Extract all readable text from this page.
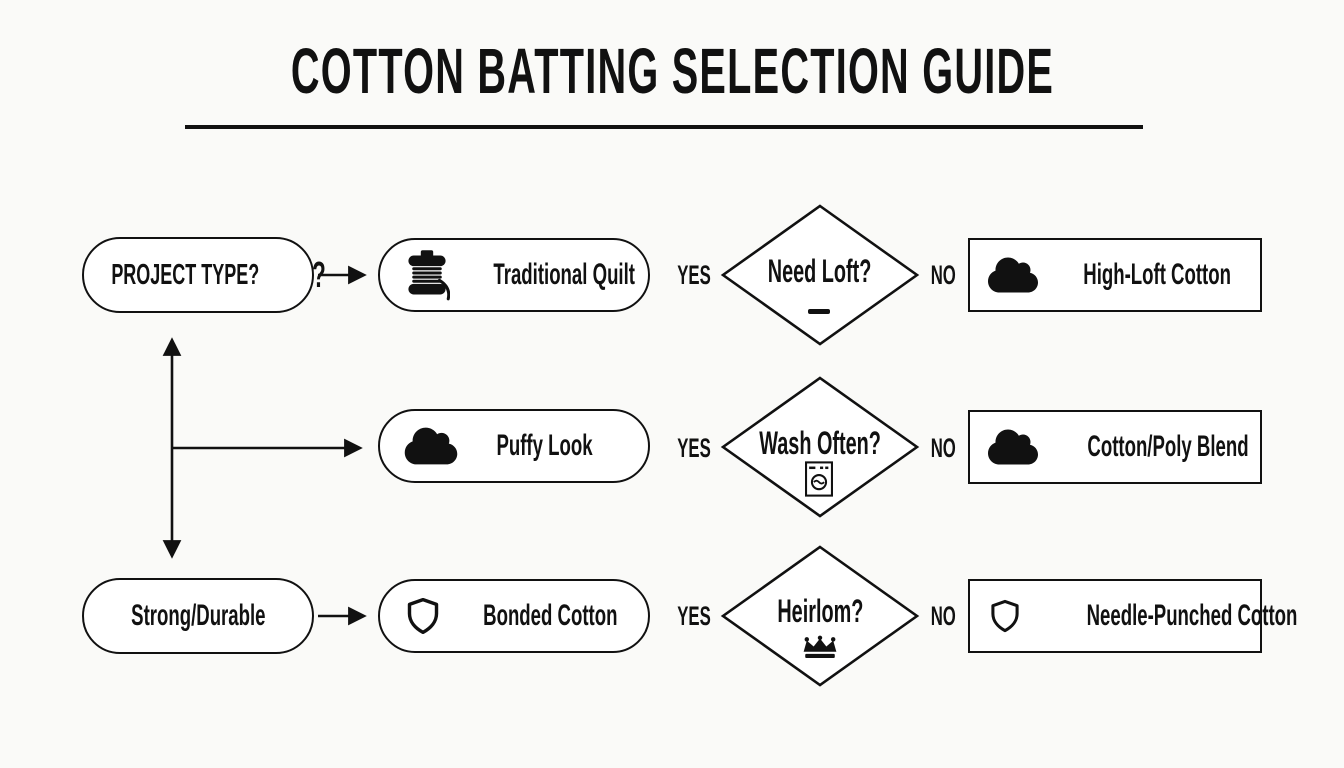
COTTON BATTING SELECTION GUIDE
PROJECT TYPE? ?	Traditional Quilt	YES	Need Loft?	NO	High-Loft Cotton
Puffy Look	YES	Wash Often?	NO	Cotton/Poly Blend
Strong/Durable	Bonded Cotton	YES	Heirlom?	NO	Needle-Punched Cotton
